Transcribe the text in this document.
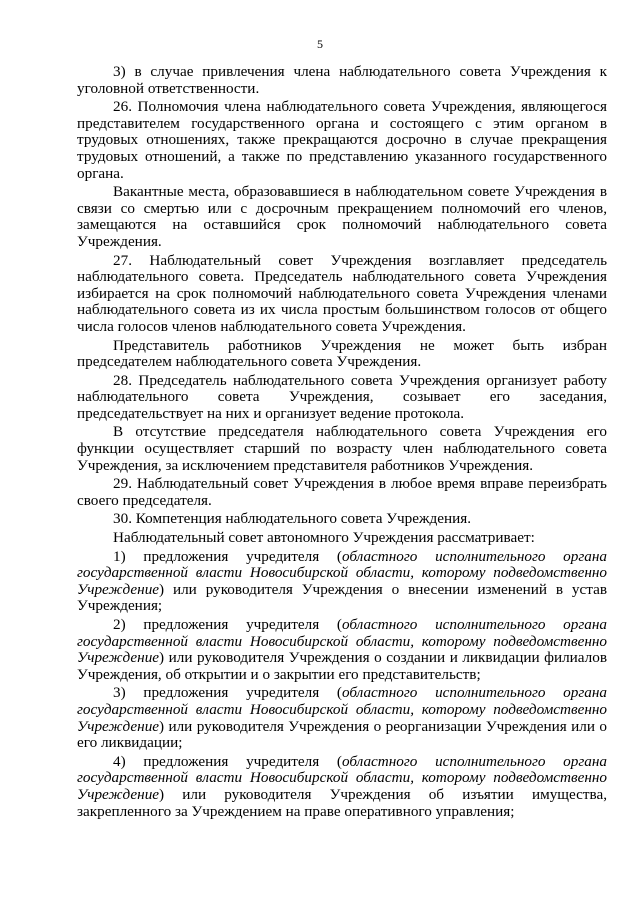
5

3) в случае привлечения члена наблюдательного совета Учреждения к уголовной ответственности.

26. Полномочия члена наблюдательного совета Учреждения, являющегося представителем государственного органа и состоящего с этим органом в трудовых отношениях, также прекращаются досрочно в случае прекращения трудовых отношений, а также по представлению указанного государственного органа.

Вакантные места, образовавшиеся в наблюдательном совете Учреждения в связи со смертью или с досрочным прекращением полномочий его членов, замещаются на оставшийся срок полномочий наблюдательного совета Учреждения.

27. Наблюдательный совет Учреждения возглавляет председатель наблюдательного совета. Председатель наблюдательного совета Учреждения избирается на срок полномочий наблюдательного совета Учреждения членами наблюдательного совета из их числа простым большинством голосов от общего числа голосов членов наблюдательного совета Учреждения.

Представитель работников Учреждения не может быть избран председателем наблюдательного совета Учреждения.

28. Председатель наблюдательного совета Учреждения организует работу наблюдательного совета Учреждения, созывает его заседания, председательствует на них и организует ведение протокола.

В отсутствие председателя наблюдательного совета Учреждения его функции осуществляет старший по возрасту член наблюдательного совета Учреждения, за исключением представителя работников Учреждения.

29. Наблюдательный совет Учреждения в любое время вправе переизбрать своего председателя.

30. Компетенция наблюдательного совета Учреждения.

Наблюдательный совет автономного Учреждения рассматривает:

1) предложения учредителя (областного исполнительного органа государственной власти Новосибирской области, которому подведомственно Учреждение) или руководителя Учреждения о внесении изменений в устав Учреждения;

2) предложения учредителя (областного исполнительного органа государственной власти Новосибирской области, которому подведомственно Учреждение) или руководителя Учреждения о создании и ликвидации филиалов Учреждения, об открытии и о закрытии его представительств;

3) предложения учредителя (областного исполнительного органа государственной власти Новосибирской области, которому подведомственно Учреждение) или руководителя Учреждения о реорганизации Учреждения или о его ликвидации;

4) предложения учредителя (областного исполнительного органа государственной власти Новосибирской области, которому подведомственно Учреждение) или руководителя Учреждения об изъятии имущества, закрепленного за Учреждением на праве оперативного управления;
